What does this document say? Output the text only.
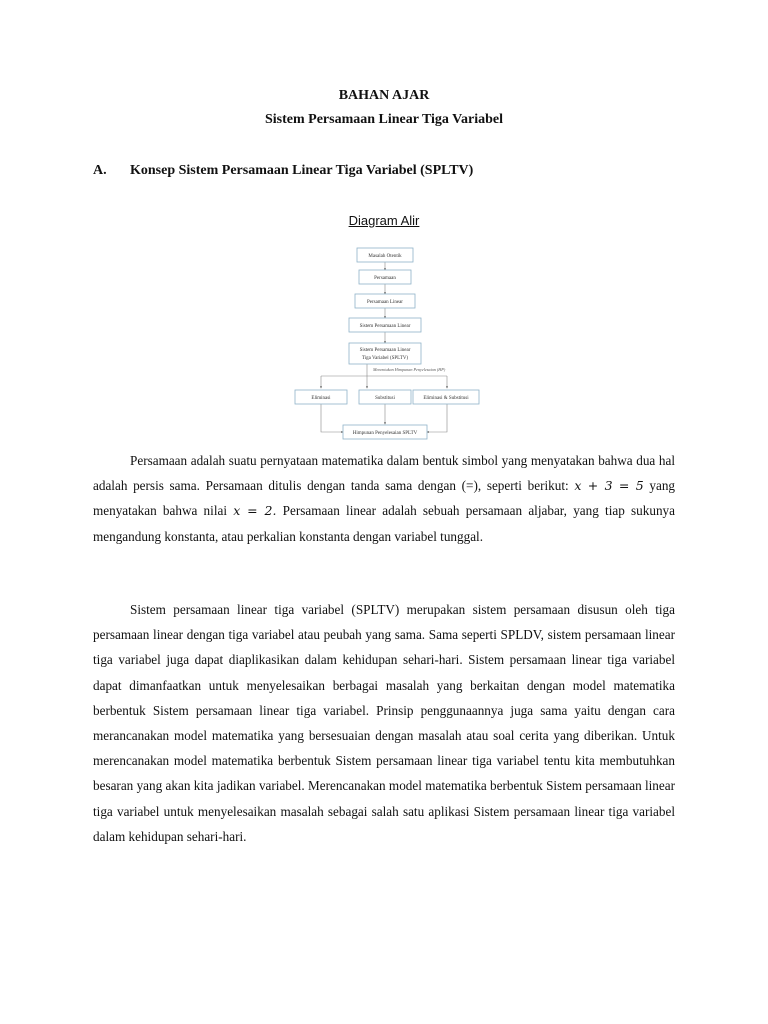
BAHAN AJAR
Sistem Persamaan Linear Tiga Variabel
A.	Konsep Sistem Persamaan Linear Tiga Variabel (SPLTV)
Diagram Alir
Masalah Otentik
Persamaan
Persamaan Linear
Sistem Persamaan Linear
Sistem Persamaan Linear
Tiga Variabel (SPLTV)
Menentukan Himpunan Penyelesaian (HP)
Eliminasi	Substitusi	Eliminasi & Substitusi
Himpunan Penyelesaian SPLTV

Persamaan adalah suatu pernyataan matematika dalam bentuk simbol yang menyatakan bahwa dua hal adalah persis sama. Persamaan ditulis dengan tanda sama dengan (=), seperti berikut: x + 3 = 5 yang menyatakan bahwa nilai x = 2. Persamaan linear adalah sebuah persamaan aljabar, yang tiap sukunya mengandung konstanta, atau perkalian konstanta dengan variabel tunggal.

Sistem persamaan linear tiga variabel (SPLTV) merupakan sistem persamaan disusun oleh tiga persamaan linear dengan tiga variabel atau peubah yang sama. Sama seperti SPLDV, sistem persamaan linear tiga variabel juga dapat diaplikasikan dalam kehidupan sehari-hari. Sistem persamaan linear tiga variabel dapat dimanfaatkan untuk menyelesaikan berbagai masalah yang berkaitan dengan model matematika berbentuk Sistem persamaan linear tiga variabel. Prinsip penggunaannya juga sama yaitu dengan cara merancanakan model matematika yang bersesuaian dengan masalah atau soal cerita yang diberikan. Untuk merencanakan model matematika berbentuk Sistem persamaan linear tiga variabel tentu kita membutuhkan besaran yang akan kita jadikan variabel. Merencanakan model matematika berbentuk Sistem persamaan linear tiga variabel untuk menyelesaikan masalah sebagai salah satu aplikasi Sistem persamaan linear tiga variabel dalam kehidupan sehari-hari.
